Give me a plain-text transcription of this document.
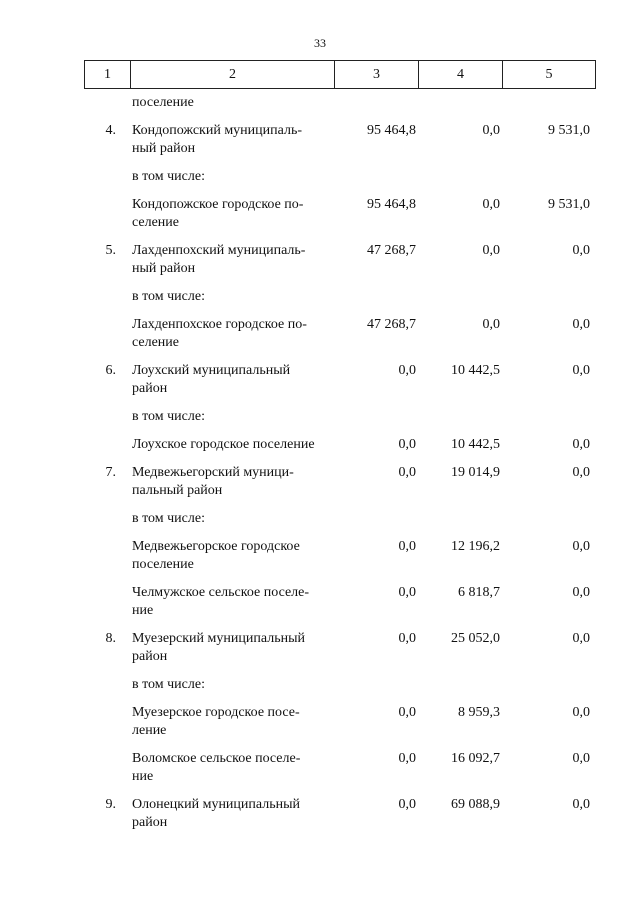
33
1	2	3	4	5
поселение
4. Кондопожский муниципаль-
ный район
95 464,8	0,0	9 531,0
в том числе:
Кондопожское городское по-
селение
95 464,8	0,0	9 531,0
5. Лахденпохский муниципаль-
ный район
47 268,7	0,0	0,0
в том числе:
Лахденпохское городское по-
селение
47 268,7	0,0	0,0
6. Лоухский муниципальный
район
0,0	10 442,5	0,0
в том числе:
Лоухское городское поселение	0,0	10 442,5	0,0
7. Медвежьегорский муници-
пальный район
0,0	19 014,9	0,0
в том числе:
Медвежьегорское городское
поселение
0,0	12 196,2	0,0
Челмужское сельское поселе-
ние
0,0	6 818,7	0,0
8. Муезерский муниципальный
район
0,0	25 052,0	0,0
в том числе:
Муезерское городское посе-
ление
0,0	8 959,3	0,0
Воломское сельское поселе-
ние
0,0	16 092,7	0,0
9. Олонецкий муниципальный
район
0,0	69 088,9	0,0
